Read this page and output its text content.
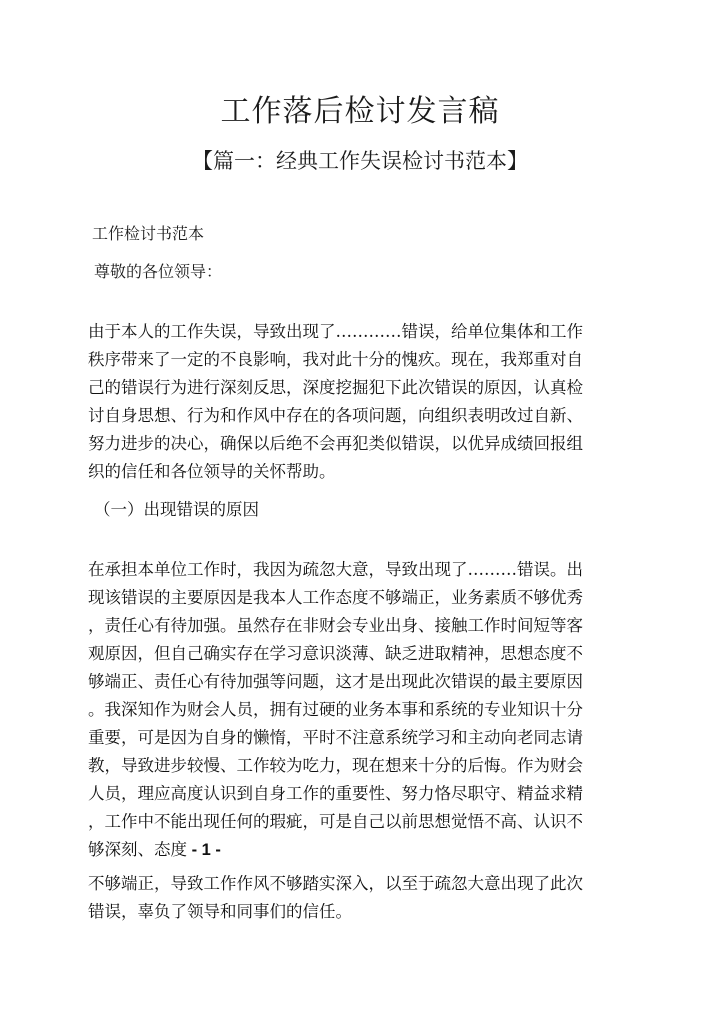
工作落后检讨发言稿
【篇一：经典工作失误检讨书范本】
工作检讨书范本
尊敬的各位领导：
由于本人的工作失误，导致出现了…………错误，给单位集体和工作
秩序带来了一定的不良影响，我对此十分的愧疚。现在，我郑重对自
己的错误行为进行深刻反思，深度挖掘犯下此次错误的原因，认真检
讨自身思想、行为和作风中存在的各项问题，向组织表明改过自新、
努力进步的决心，确保以后绝不会再犯类似错误，以优异成绩回报组
织的信任和各位领导的关怀帮助。
（一）出现错误的原因
在承担本单位工作时，我因为疏忽大意，导致出现了………错误。出
现该错误的主要原因是我本人工作态度不够端正，业务素质不够优秀
，责任心有待加强。虽然存在非财会专业出身、接触工作时间短等客
观原因，但自己确实存在学习意识淡薄、缺乏进取精神，思想态度不
够端正、责任心有待加强等问题，这才是出现此次错误的最主要原因
。我深知作为财会人员，拥有过硬的业务本事和系统的专业知识十分
重要，可是因为自身的懒惰，平时不注意系统学习和主动向老同志请
教，导致进步较慢、工作较为吃力，现在想来十分的后悔。作为财会
人员，理应高度认识到自身工作的重要性、努力恪尽职守、精益求精
，工作中不能出现任何的瑕疵，可是自己以前思想觉悟不高、认识不
够深刻、态度 - 1 -
不够端正，导致工作作风不够踏实深入，以至于疏忽大意出现了此次
错误，辜负了领导和同事们的信任。
